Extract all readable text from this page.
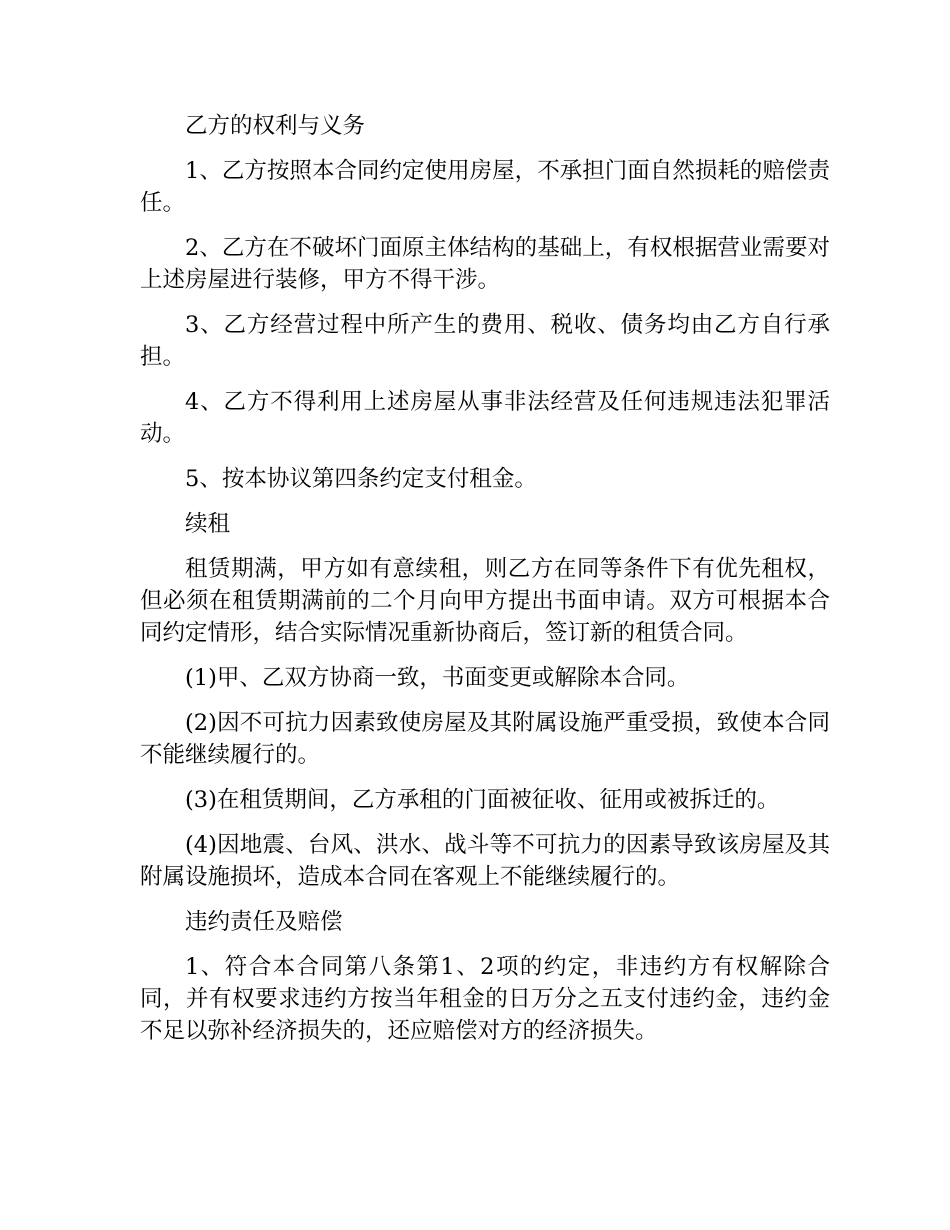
乙方的权利与义务

1、乙方按照本合同约定使用房屋，不承担门面自然损耗的赔偿责任。

2、乙方在不破坏门面原主体结构的基础上，有权根据营业需要对上述房屋进行装修，甲方不得干涉。

3、乙方经营过程中所产生的费用、税收、债务均由乙方自行承担。

4、乙方不得利用上述房屋从事非法经营及任何违规违法犯罪活动。

5、按本协议第四条约定支付租金。

续租

租赁期满，甲方如有意续租，则乙方在同等条件下有优先租权，但必须在租赁期满前的二个月向甲方提出书面申请。双方可根据本合同约定情形，结合实际情况重新协商后，签订新的租赁合同。

(1)甲、乙双方协商一致，书面变更或解除本合同。

(2)因不可抗力因素致使房屋及其附属设施严重受损，致使本合同不能继续履行的。

(3)在租赁期间，乙方承租的门面被征收、征用或被拆迁的。

(4)因地震、台风、洪水、战斗等不可抗力的因素导致该房屋及其附属设施损坏，造成本合同在客观上不能继续履行的。

违约责任及赔偿

1、符合本合同第八条第1、2项的约定，非违约方有权解除合同，并有权要求违约方按当年租金的日万分之五支付违约金，违约金不足以弥补经济损失的，还应赔偿对方的经济损失。
